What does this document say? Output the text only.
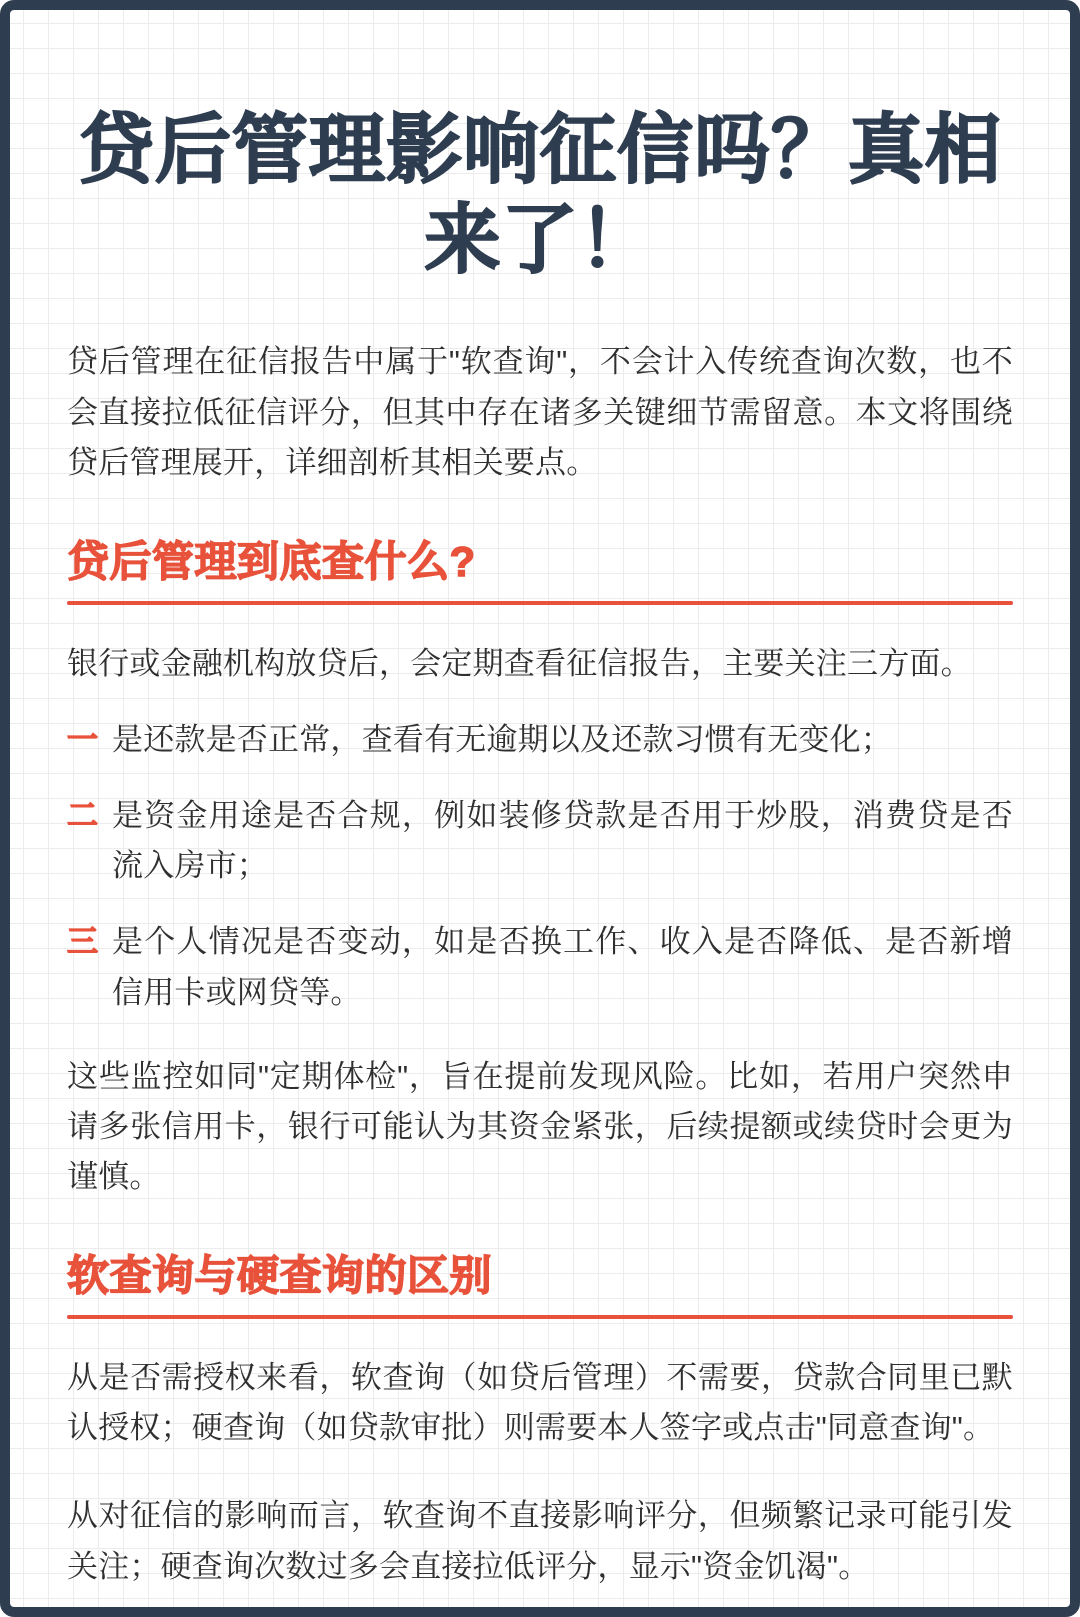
贷后管理影响征信吗？真相来了！

贷后管理在征信报告中属于"软查询"，不会计入传统查询次数，也不会直接拉低征信评分，但其中存在诸多关键细节需留意。本文将围绕贷后管理展开，详细剖析其相关要点。

贷后管理到底查什么?

银行或金融机构放贷后，会定期查看征信报告，主要关注三方面。

一 是还款是否正常，查看有无逾期以及还款习惯有无变化；
二 是资金用途是否合规，例如装修贷款是否用于炒股，消费贷是否流入房市；
三 是个人情况是否变动，如是否换工作、收入是否降低、是否新增信用卡或网贷等。

这些监控如同"定期体检"，旨在提前发现风险。比如，若用户突然申请多张信用卡，银行可能认为其资金紧张，后续提额或续贷时会更为谨慎。

软查询与硬查询的区别

从是否需授权来看，软查询（如贷后管理）不需要，贷款合同里已默认授权；硬查询（如贷款审批）则需要本人签字或点击"同意查询"。

从对征信的影响而言，软查询不直接影响评分，但频繁记录可能引发关注；硬查询次数过多会直接拉低评分，显示"资金饥渴"。
